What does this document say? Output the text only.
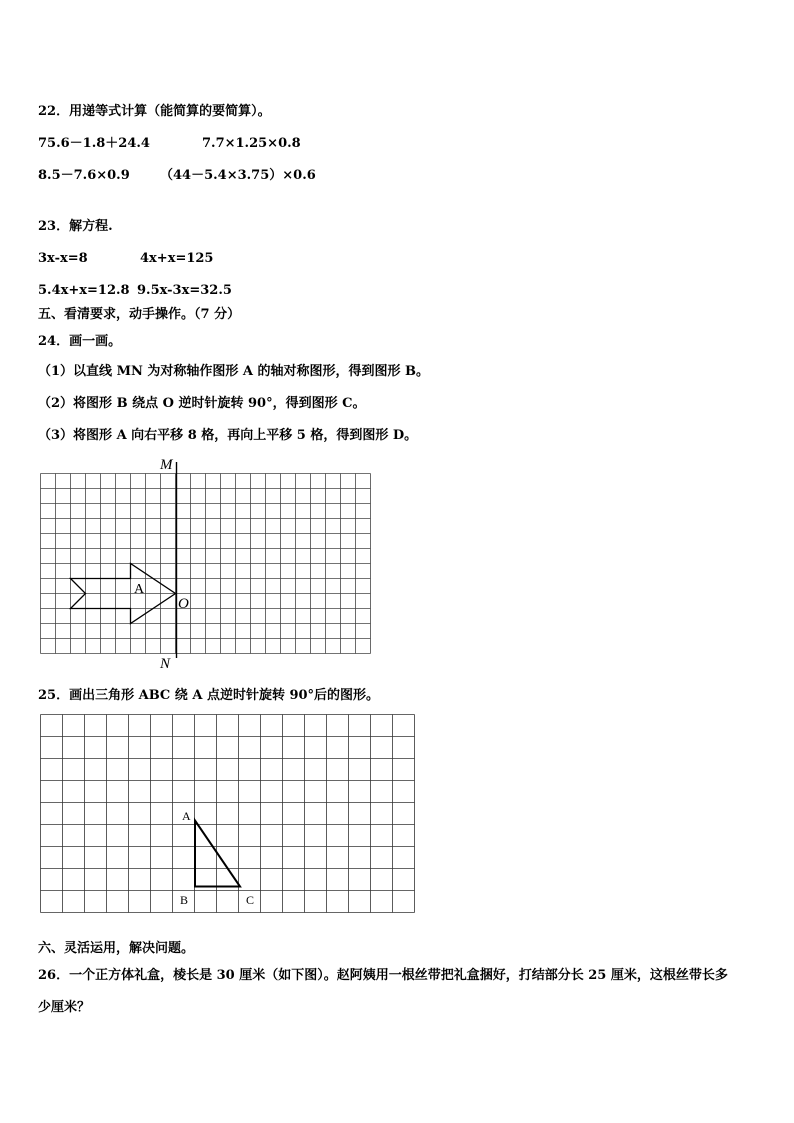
22．用递等式计算（能简算的要简算）。
75.6－1.8＋24.4	7.7×1.25×0.8
8.5－7.6×0.9 （44－5.4×3.75）×0.6
23．解方程.
3x-x=8	4x+x=125
5.4x+x=12.8 9.5x-3x=32.5
五、看清要求，动手操作。（7 分）
24．画一画。
（1）以直线 MN 为对称轴作图形 A 的轴对称图形，得到图形 B。
（2）将图形 B 绕点 O 逆时针旋转 90°，得到图形 C。
（3）将图形 A 向右平移 8 格，再向上平移 5 格，得到图形 D。
M
N
O
A
25．画出三角形 ABC 绕 A 点逆时针旋转 90°后的图形。
A
B	C
六、灵活运用，解决问题。
26．一个正方体礼盒，棱长是 30 厘米（如下图）。赵阿姨用一根丝带把礼盒捆好，打结部分长 25 厘米，这根丝带长多
少厘米？
